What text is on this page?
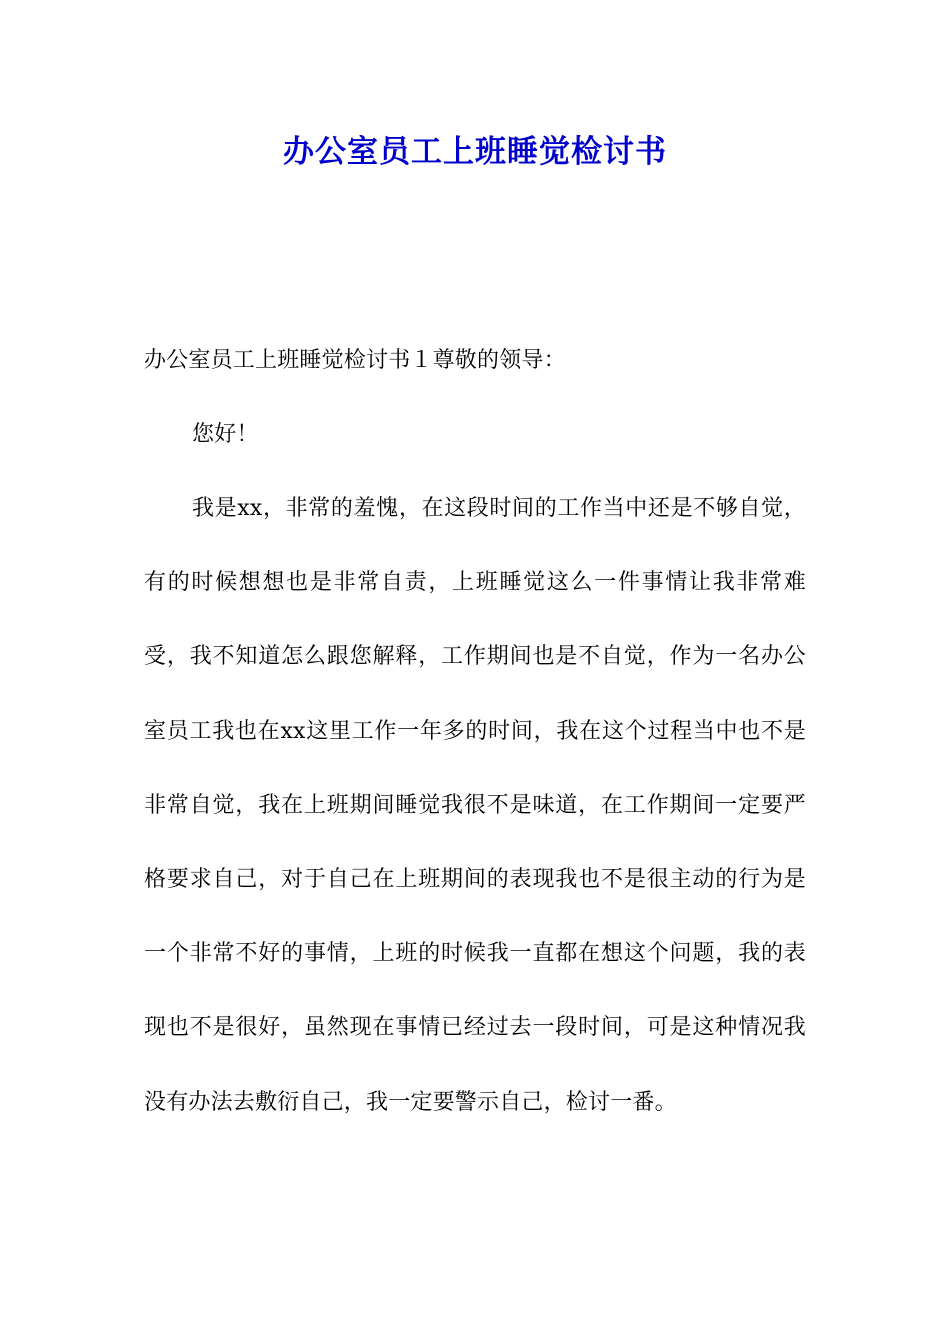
办公室员工上班睡觉检讨书
办公室员工上班睡觉检讨书１尊敬的领导：
您好！
我是xx，非常的羞愧，在这段时间的工作当中还是不够自觉，有的时候想想也是非常自责，上班睡觉这么一件事情让我非常难受，我不知道怎么跟您解释，工作期间也是不自觉，作为一名办公室员工我也在xx这里工作一年多的时间，我在这个过程当中也不是非常自觉，我在上班期间睡觉我很不是味道，在工作期间一定要严格要求自己，对于自己在上班期间的表现我也不是很主动的行为是一个非常不好的事情，上班的时候我一直都在想这个问题，我的表现也不是很好，虽然现在事情已经过去一段时间，可是这种情况我没有办法去敷衍自己，我一定要警示自己，检讨一番。
